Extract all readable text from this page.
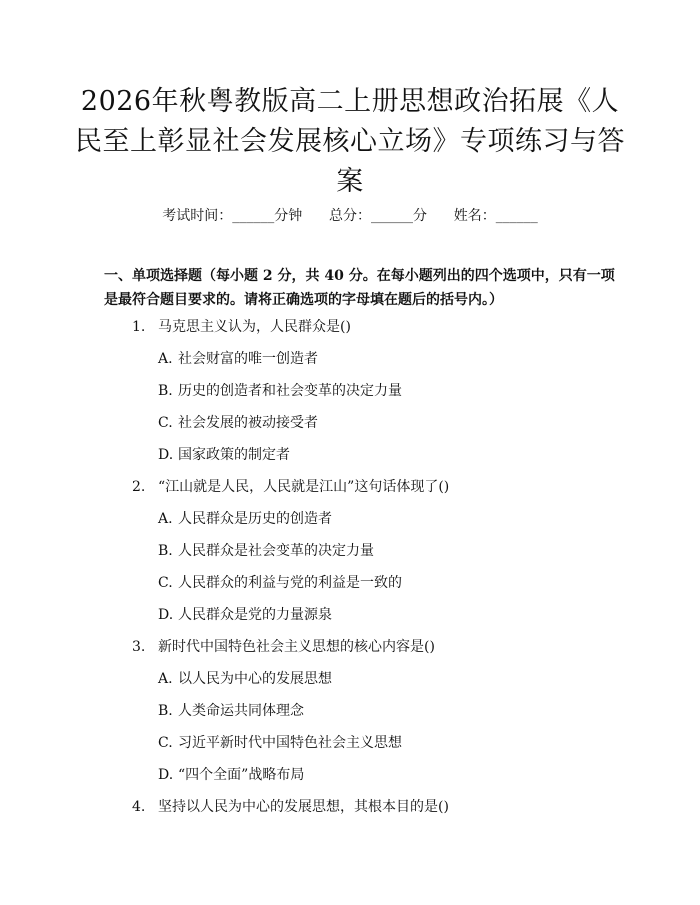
2026年秋粤教版高二上册思想政治拓展《人民至上彰显社会发展核心立场》专项练习与答案
考试时间：______分钟      总分：______分      姓名：______
一、单项选择题（每小题 2 分，共 40 分。在每小题列出的四个选项中，只有一项是最符合题目要求的。请将正确选项的字母填在题后的括号内。）
1. 马克思主义认为，人民群众是()
A. 社会财富的唯一创造者
B. 历史的创造者和社会变革的决定力量
C. 社会发展的被动接受者
D. 国家政策的制定者
2. “江山就是人民，人民就是江山”这句话体现了()
A. 人民群众是历史的创造者
B. 人民群众是社会变革的决定力量
C. 人民群众的利益与党的利益是一致的
D. 人民群众是党的力量源泉
3. 新时代中国特色社会主义思想的核心内容是()
A. 以人民为中心的发展思想
B. 人类命运共同体理念
C. 习近平新时代中国特色社会主义思想
D. “四个全面”战略布局
4. 坚持以人民为中心的发展思想，其根本目的是()
